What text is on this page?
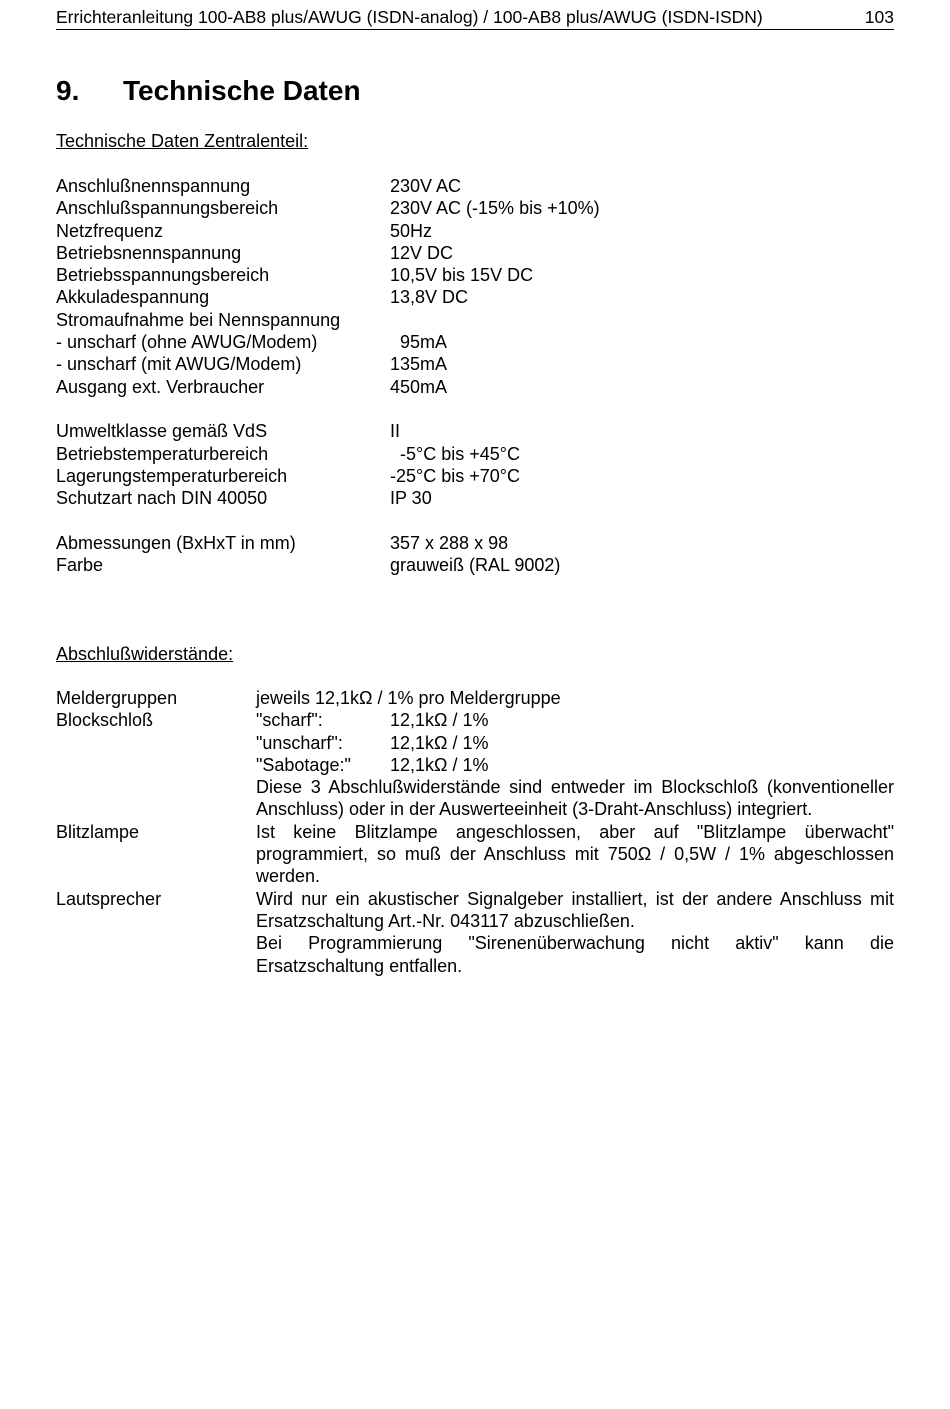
Errichteranleitung 100-AB8 plus/AWUG (ISDN-analog) / 100-AB8 plus/AWUG (ISDN-ISDN)	103
9. Technische Daten
Technische Daten Zentralenteil:
Anschlußnennspannung	230V AC
Anschlußspannungsbereich	230V AC (-15% bis +10%)
Netzfrequenz	50Hz
Betriebsnennspannung	12V DC
Betriebsspannungsbereich	10,5V bis 15V DC
Akkuladespannung	13,8V DC
Stromaufnahme bei Nennspannung
- unscharf (ohne AWUG/Modem)	95mA
- unscharf (mit AWUG/Modem)	135mA
Ausgang ext. Verbraucher	450mA
Umweltklasse gemäß VdS	II
Betriebstemperaturbereich	-5°C bis +45°C
Lagerungstemperaturbereich	-25°C bis +70°C
Schutzart nach DIN 40050	IP 30
Abmessungen (BxHxT in mm)	357 x 288 x 98
Farbe	grauweiß (RAL 9002)
Abschlußwiderstände:
Meldergruppen	jeweils 12,1kΩ / 1% pro Meldergruppe
Blockschloß	"scharf":	12,1kΩ / 1%
"unscharf":	12,1kΩ / 1%
"Sabotage:" 12,1kΩ / 1%

Diese 3 Abschlußwiderstände sind entweder im Blockschloß (konventioneller Anschluss) oder in der Auswerteeinheit (3-Draht-Anschluss) integriert.

Blitzlampe	Ist keine Blitzlampe angeschlossen, aber auf "Blitzlampe überwacht" programmiert, so muß der Anschluss mit 750Ω / 0,5W / 1% abgeschlossen werden.
Lautsprecher	Wird nur ein akustischer Signalgeber installiert, ist der andere Anschluss mit Ersatzschaltung Art.-Nr. 043117 abzuschließen.

Bei Programmierung "Sirenenüberwachung nicht aktiv" kann die Ersatzschaltung entfallen.
